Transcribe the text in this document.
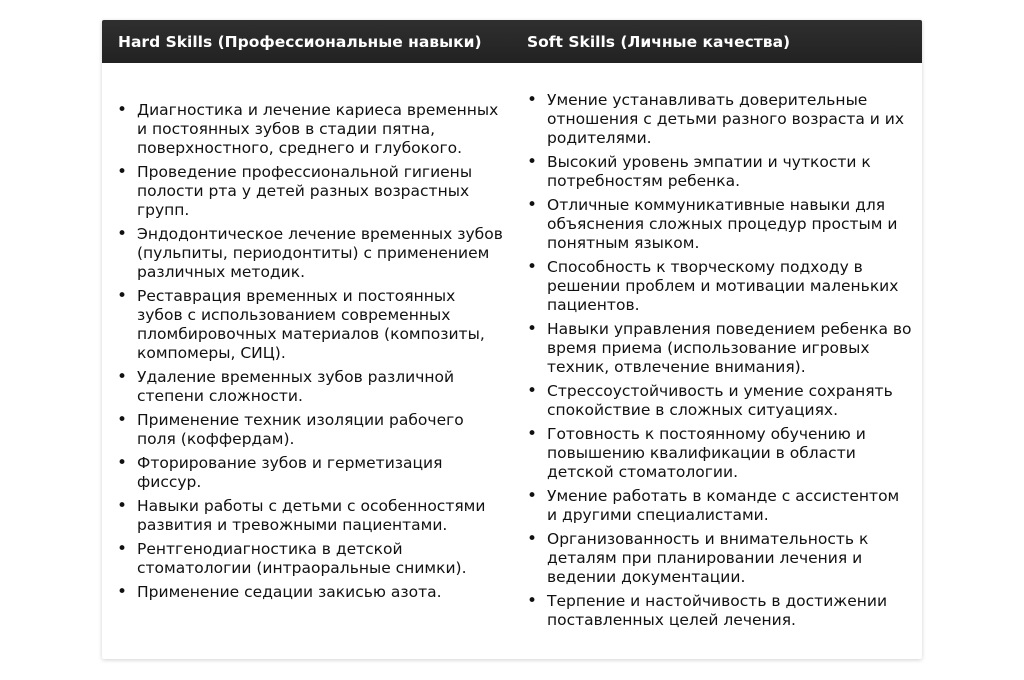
Hard Skills (Профессиональные навыки)	Soft Skills (Личные качества)
• Диагностика и лечение кариеса временных и постоянных зубов в стадии пятна, поверхностного, среднего и глубокого.
• Проведение профессиональной гигиены полости рта у детей разных возрастных групп.
• Эндодонтическое лечение временных зубов (пульпиты, периодонтиты) с применением различных методик.
• Реставрация временных и постоянных зубов с использованием современных пломбировочных материалов (композиты, компомеры, СИЦ).
• Удаление временных зубов различной степени сложности.
• Применение техник изоляции рабочего поля (коффердам).
• Фторирование зубов и герметизация фиссур.
• Навыки работы с детьми с особенностями развития и тревожными пациентами.
• Рентгенодиагностика в детской стоматологии (интраоральные снимки).
• Применение седации закисью азота.
• Умение устанавливать доверительные отношения с детьми разного возраста и их родителями.
• Высокий уровень эмпатии и чуткости к потребностям ребенка.
• Отличные коммуникативные навыки для объяснения сложных процедур простым и понятным языком.
• Способность к творческому подходу в решении проблем и мотивации маленьких пациентов.
• Навыки управления поведением ребенка во время приема (использование игровых техник, отвлечение внимания).
• Стрессоустойчивость и умение сохранять спокойствие в сложных ситуациях.
• Готовность к постоянному обучению и повышению квалификации в области детской стоматологии.
• Умение работать в команде с ассистентом и другими специалистами.
• Организованность и внимательность к деталям при планировании лечения и ведении документации.
• Терпение и настойчивость в достижении поставленных целей лечения.
